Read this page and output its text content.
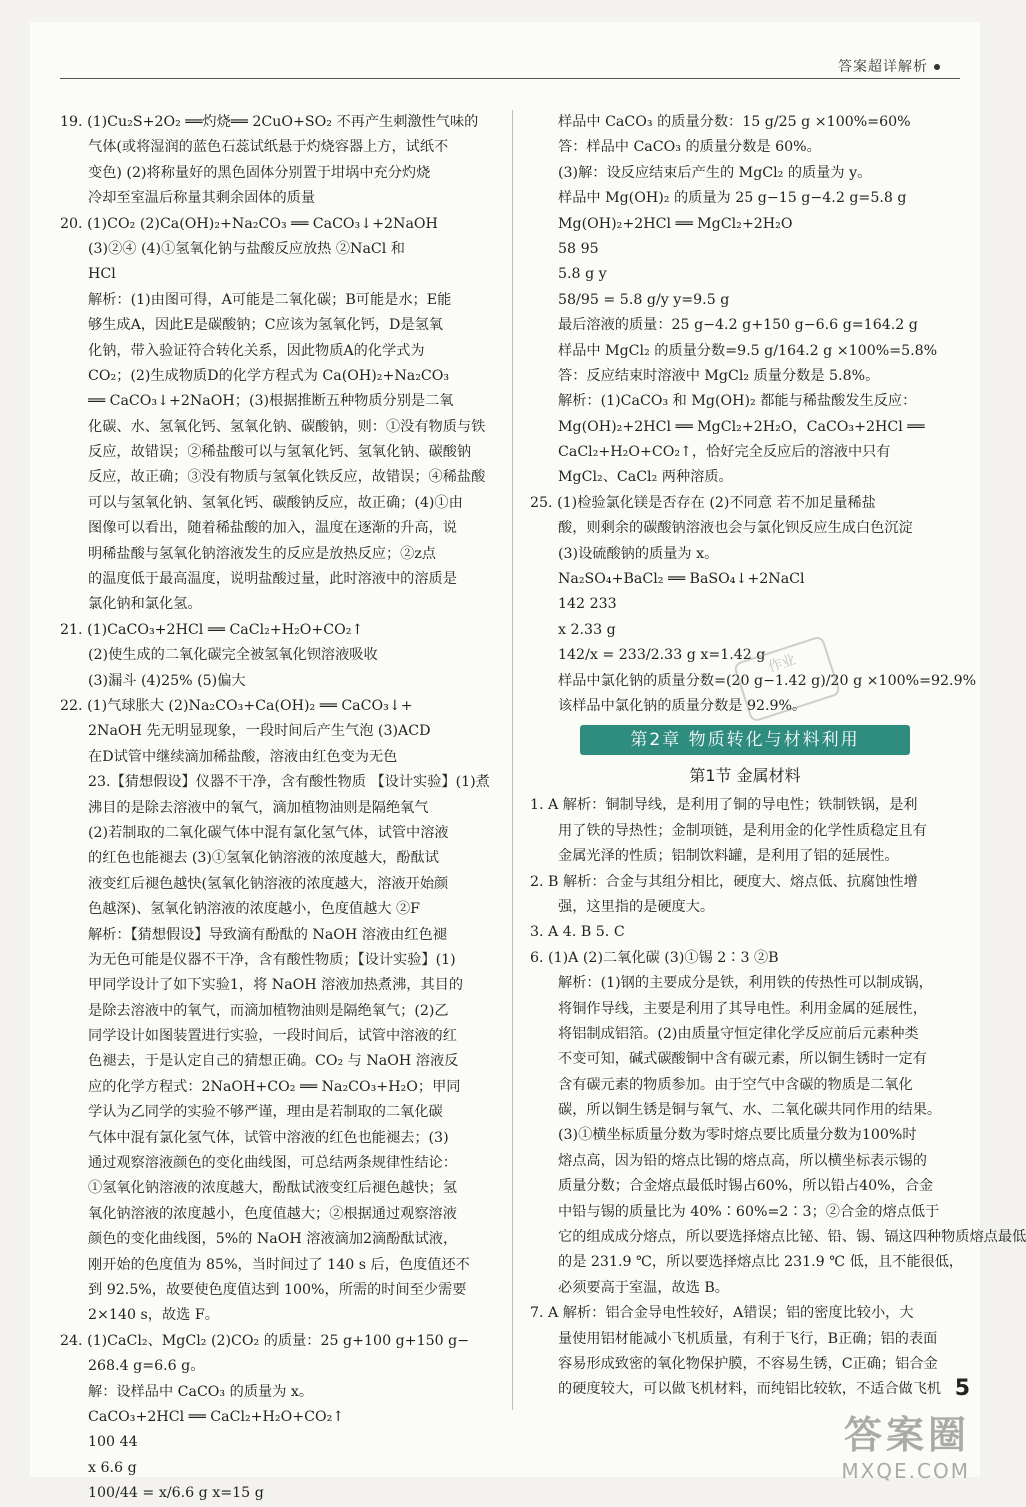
答案超详解析
19. (1)Cu₂S+2O₂ ══灼烧══ 2CuO+SO₂ 不再产生刺激性气味的
气体(或将湿润的蓝色石蕊试纸悬于灼烧容器上方，试纸不
变色) (2)将称量好的黑色固体分别置于坩埚中充分灼烧
冷却至室温后称量其剩余固体的质量
20. (1)CO₂ (2)Ca(OH)₂+Na₂CO₃ ══ CaCO₃↓+2NaOH
(3)②④ (4)①氢氧化钠与盐酸反应放热 ②NaCl 和
HCl
解析：(1)由图可得，A可能是二氧化碳；B可能是水；E能
够生成A，因此E是碳酸钠；C应该为氢氧化钙，D是氢氧
化钠，带入验证符合转化关系，因此物质A的化学式为
CO₂；(2)生成物质D的化学方程式为 Ca(OH)₂+Na₂CO₃
══ CaCO₃↓+2NaOH；(3)根据推断五种物质分别是二氧
化碳、水、氢氧化钙、氢氧化钠、碳酸钠，则：①没有物质与铁
反应，故错误；②稀盐酸可以与氢氧化钙、氢氧化钠、碳酸钠
反应，故正确；③没有物质与氢氧化铁反应，故错误；④稀盐酸
可以与氢氧化钠、氢氧化钙、碳酸钠反应，故正确；(4)①由
图像可以看出，随着稀盐酸的加入，温度在逐渐的升高，说
明稀盐酸与氢氧化钠溶液发生的反应是放热反应；②z点
的温度低于最高温度，说明盐酸过量，此时溶液中的溶质是
氯化钠和氯化氢。
21. (1)CaCO₃+2HCl ══ CaCl₂+H₂O+CO₂↑
(2)使生成的二氧化碳完全被氢氧化钡溶液吸收
(3)漏斗 (4)25% (5)偏大
22. (1)气球胀大 (2)Na₂CO₃+Ca(OH)₂ ══ CaCO₃↓+
2NaOH 先无明显现象，一段时间后产生气泡 (3)ACD
在D试管中继续滴加稀盐酸，溶液由红色变为无色
23.【猜想假设】仪器不干净，含有酸性物质 【设计实验】(1)煮
沸目的是除去溶液中的氧气，滴加植物油则是隔绝氧气
(2)若制取的二氧化碳气体中混有氯化氢气体，试管中溶液
的红色也能褪去 (3)①氢氧化钠溶液的浓度越大，酚酞试
液变红后褪色越快(氢氧化钠溶液的浓度越大，溶液开始颜
色越深)、氢氧化钠溶液的浓度越小，色度值越大 ②F
解析：【猜想假设】导致滴有酚酞的 NaOH 溶液由红色褪
为无色可能是仪器不干净，含有酸性物质；【设计实验】(1)
甲同学设计了如下实验1，将 NaOH 溶液加热煮沸，其目的
是除去溶液中的氧气，而滴加植物油则是隔绝氧气；(2)乙
同学设计如图装置进行实验，一段时间后，试管中溶液的红
色褪去，于是认定自己的猜想正确。CO₂ 与 NaOH 溶液反
应的化学方程式：2NaOH+CO₂ ══ Na₂CO₃+H₂O；甲同
学认为乙同学的实验不够严谨，理由是若制取的二氧化碳
气体中混有氯化氢气体，试管中溶液的红色也能褪去；(3)
通过观察溶液颜色的变化曲线图，可总结两条规律性结论：
①氢氧化钠溶液的浓度越大，酚酞试液变红后褪色越快；氢
氧化钠溶液的浓度越小，色度值越大；②根据通过观察溶液
颜色的变化曲线图，5%的 NaOH 溶液滴加2滴酚酞试液，
刚开始的色度值为 85%，当时间过了 140 s 后，色度值还不
到 92.5%，故要使色度值达到 100%，所需的时间至少需要
2×140 s，故选 F。
24. (1)CaCl₂、MgCl₂ (2)CO₂ 的质量：25 g+100 g+150 g−
268.4 g=6.6 g。
解：设样品中 CaCO₃ 的质量为 x。
CaCO₃+2HCl ══ CaCl₂+H₂O+CO₂↑
100 44
x 6.6 g
100/44 = x/6.6 g x=15 g
样品中 CaCO₃ 的质量分数：15 g/25 g ×100%=60%
答：样品中 CaCO₃ 的质量分数是 60%。
(3)解：设反应结束后产生的 MgCl₂ 的质量为 y。
样品中 Mg(OH)₂ 的质量为 25 g−15 g−4.2 g=5.8 g
Mg(OH)₂+2HCl ══ MgCl₂+2H₂O
58 95
5.8 g y
58/95 = 5.8 g/y y=9.5 g
最后溶液的质量：25 g−4.2 g+150 g−6.6 g=164.2 g
样品中 MgCl₂ 的质量分数=9.5 g/164.2 g ×100%=5.8%
答：反应结束时溶液中 MgCl₂ 质量分数是 5.8%。
解析：(1)CaCO₃ 和 Mg(OH)₂ 都能与稀盐酸发生反应：
Mg(OH)₂+2HCl ══ MgCl₂+2H₂O，CaCO₃+2HCl ══
CaCl₂+H₂O+CO₂↑，恰好完全反应后的溶液中只有
MgCl₂、CaCl₂ 两种溶质。
25. (1)检验氯化镁是否存在 (2)不同意 若不加足量稀盐
酸，则剩余的碳酸钠溶液也会与氯化钡反应生成白色沉淀
(3)设硫酸钠的质量为 x。
Na₂SO₄+BaCl₂ ══ BaSO₄↓+2NaCl
142 233
x 2.33 g
142/x = 233/2.33 g x=1.42 g
样品中氯化钠的质量分数=(20 g−1.42 g)/20 g ×100%=92.9%
该样品中氯化钠的质量分数是 92.9%。
第2章 物质转化与材料利用
第1节 金属材料
1. A 解析：铜制导线，是利用了铜的导电性；铁制铁锅，是利
用了铁的导热性；金制项链，是利用金的化学性质稳定且有
金属光泽的性质；铝制饮料罐，是利用了铝的延展性。
2. B 解析：合金与其组分相比，硬度大、熔点低、抗腐蚀性增
强，这里指的是硬度大。
3. A 4. B 5. C
6. (1)A (2)二氧化碳 (3)①锡 2∶3 ②B
解析：(1)钢的主要成分是铁，利用铁的传热性可以制成锅，
将铜作导线，主要是利用了其导电性。利用金属的延展性，
将铝制成铝箔。(2)由质量守恒定律化学反应前后元素种类
不变可知，碱式碳酸铜中含有碳元素，所以铜生锈时一定有
含有碳元素的物质参加。由于空气中含碳的物质是二氧化
碳，所以铜生锈是铜与氧气、水、二氧化碳共同作用的结果。
(3)①横坐标质量分数为零时熔点要比质量分数为100%时
熔点高，因为铅的熔点比锡的熔点高，所以横坐标表示锡的
质量分数；合金熔点最低时锡占60%，所以铅占40%，合金
中铅与锡的质量比为 40%∶60%=2∶3；②合金的熔点低于
它的组成成分熔点，所以要选择熔点比铋、铅、锡、镉这四种物质熔点最低
的是 231.9 ℃，所以要选择熔点比 231.9 ℃ 低，且不能很低，
必须要高于室温，故选 B。
7. A 解析：铝合金导电性较好，A错误；铝的密度比较小，大
量使用铝材能减小飞机质量，有利于飞行，B正确；铝的表面
容易形成致密的氧化物保护膜，不容易生锈，C正确；铝合金
的硬度较大，可以做飞机材料，而纯铝比较软，不适合做飞机
作业
5
答案圈
MXQE.COM
